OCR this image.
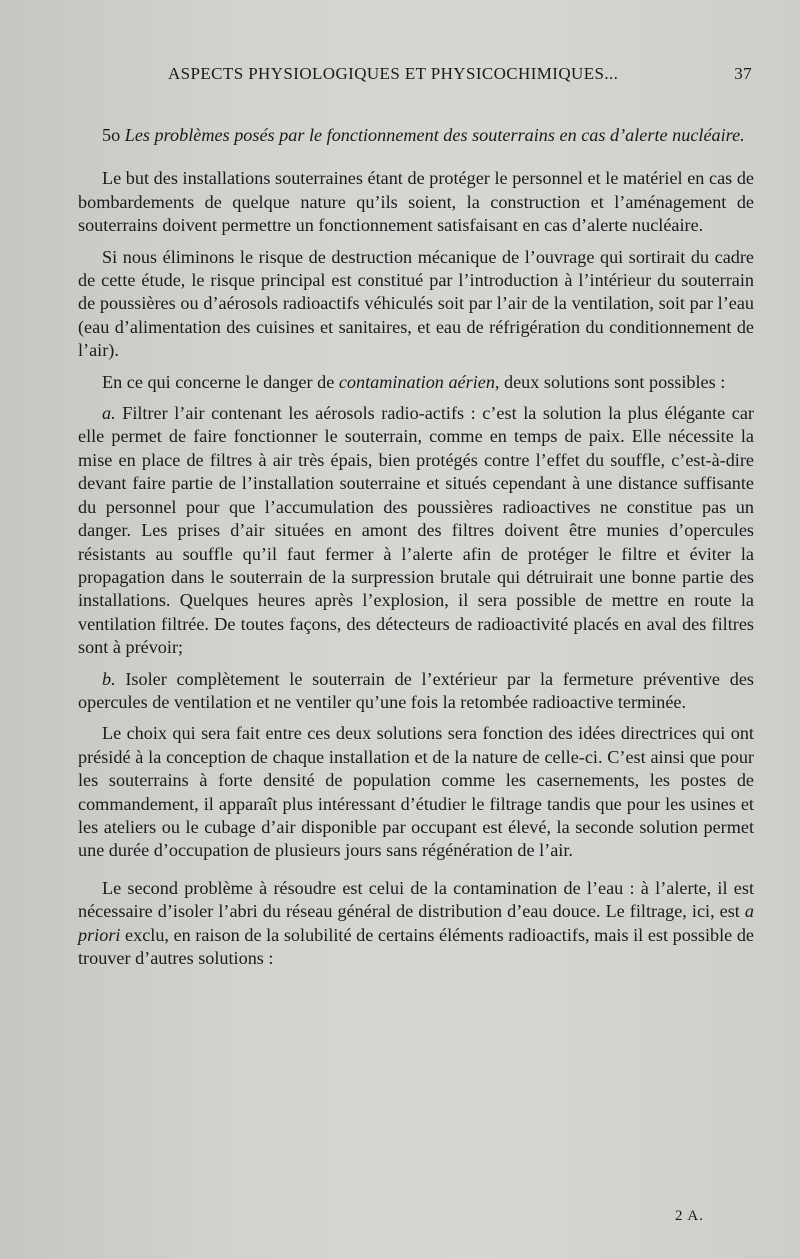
ASPECTS PHYSIOLOGIQUES ET PHYSICOCHIMIQUES...	37

5o Les problèmes posés par le fonctionnement des souterrains en cas d’alerte nucléaire.

Le but des installations souterraines étant de protéger le personnel et le matériel en cas de bombardements de quelque nature qu’ils soient, la construction et l’aménagement de souterrains doivent permettre un fonctionnement satisfaisant en cas d’alerte nucléaire.

Si nous éliminons le risque de destruction mécanique de l’ouvrage qui sortirait du cadre de cette étude, le risque principal est constitué par l’introduction à l’intérieur du souterrain de poussières ou d’aérosols radioactifs véhiculés soit par l’air de la ventilation, soit par l’eau (eau d’alimentation des cuisines et sanitaires, et eau de réfrigération du conditionnement de l’air).

En ce qui concerne le danger de contamination aérien, deux solutions sont possibles :

a. Filtrer l’air contenant les aérosols radio-actifs : c’est la solution la plus élégante car elle permet de faire fonctionner le souterrain, comme en temps de paix. Elle nécessite la mise en place de filtres à air très épais, bien protégés contre l’effet du souffle, c’est-à-dire devant faire partie de l’installation souterraine et situés cependant à une distance suffisante du personnel pour que l’accumulation des poussières radioactives ne constitue pas un danger. Les prises d’air situées en amont des filtres doivent être munies d’opercules résistants au souffle qu’il faut fermer à l’alerte afin de protéger le filtre et éviter la propagation dans le souterrain de la surpression brutale qui détruirait une bonne partie des installations. Quelques heures après l’explosion, il sera possible de mettre en route la ventilation filtrée. De toutes façons, des détecteurs de radioactivité placés en aval des filtres sont à prévoir;

b. Isoler complètement le souterrain de l’extérieur par la fermeture préventive des opercules de ventilation et ne ventiler qu’une fois la retombée radioactive terminée.

Le choix qui sera fait entre ces deux solutions sera fonction des idées directrices qui ont présidé à la conception de chaque installation et de la nature de celle-ci. C’est ainsi que pour les souterrains à forte densité de population comme les casernements, les postes de commandement, il apparaît plus intéressant d’étudier le filtrage tandis que pour les usines et les ateliers ou le cubage d’air disponible par occupant est élevé, la seconde solution permet une durée d’occupation de plusieurs jours sans régénération de l’air.

Le second problème à résoudre est celui de la contamination de l’eau : à l’alerte, il est nécessaire d’isoler l’abri du réseau général de distribution d’eau douce. Le filtrage, ici, est a priori exclu, en raison de la solubilité de certains éléments radioactifs, mais il est possible de trouver d’autres solutions :

2 A.
